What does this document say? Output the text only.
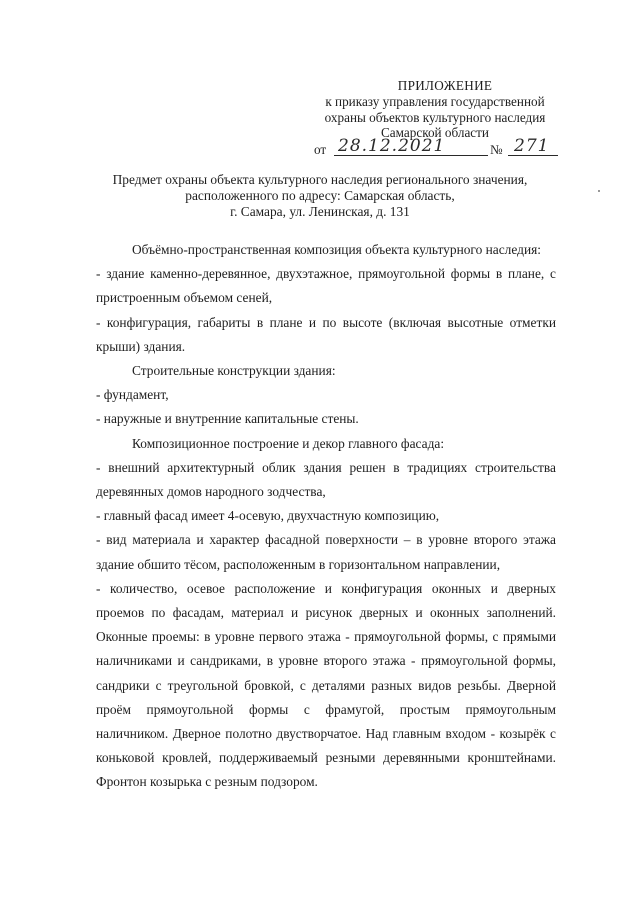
ПРИЛОЖЕНИЕ
к приказу управления государственной
охраны объектов культурного наследия
Самарской области
от 28.12.2021	№ 271
Предмет охраны объекта культурного наследия регионального значения,
расположенного по адресу: Самарская область,
г. Самара, ул. Ленинская, д. 131

Объёмно-пространственная композиция объекта культурного наследия:

- здание каменно-деревянное, двухэтажное, прямоугольной формы в плане, с пристроенным объемом сеней,

- конфигурация, габариты в плане и по высоте (включая высотные отметки крыши) здания.

Строительные конструкции здания:

- фундамент,

- наружные и внутренние капитальные стены.

Композиционное построение и декор главного фасада:

- внешний архитектурный облик здания решен в традициях строительства деревянных домов народного зодчества,

- главный фасад имеет 4-осевую, двухчастную композицию,

- вид материала и характер фасадной поверхности – в уровне второго этажа здание обшито тёсом, расположенным в горизонтальном направлении,

- количество, осевое расположение и конфигурация оконных и дверных проемов по фасадам, материал и рисунок дверных и оконных заполнений. Оконные проемы: в уровне первого этажа - прямоугольной формы, с прямыми наличниками и сандриками, в уровне второго этажа - прямоугольной формы, сандрики с треугольной бровкой, с деталями разных видов резьбы. Дверной проём прямоугольной формы с фрамугой, простым прямоугольным наличником. Дверное полотно двустворчатое. Над главным входом - козырёк с коньковой кровлей, поддерживаемый резными деревянными кронштейнами. Фронтон козырька с резным подзором.
